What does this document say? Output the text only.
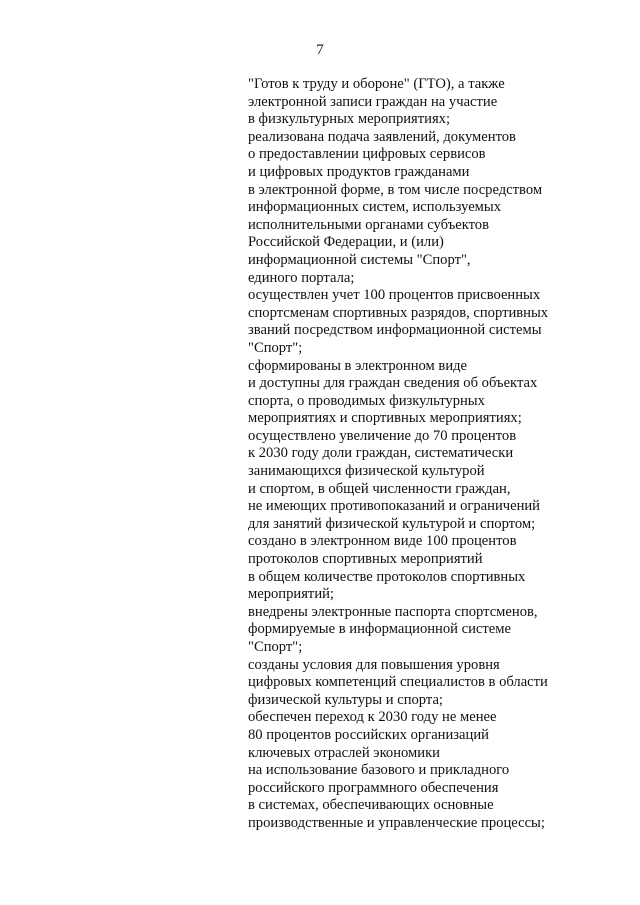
7
"Готов к труду и обороне" (ГТО), а также
электронной записи граждан на участие
в физкультурных мероприятиях;
реализована подача заявлений, документов
о предоставлении цифровых сервисов
и цифровых продуктов гражданами
в электронной форме, в том числе посредством
информационных систем, используемых
исполнительными органами субъектов
Российской Федерации, и (или)
информационной системы "Спорт",
единого портала;
осуществлен учет 100 процентов присвоенных
спортсменам спортивных разрядов, спортивных
званий посредством информационной системы
"Спорт";
сформированы в электронном виде
и доступны для граждан сведения об объектах
спорта, о проводимых физкультурных
мероприятиях и спортивных мероприятиях;
осуществлено увеличение до 70 процентов
к 2030 году доли граждан, систематически
занимающихся физической культурой
и спортом, в общей численности граждан,
не имеющих противопоказаний и ограничений
для занятий физической культурой и спортом;
создано в электронном виде 100 процентов
протоколов спортивных мероприятий
в общем количестве протоколов спортивных
мероприятий;
внедрены электронные паспорта спортсменов,
формируемые в информационной системе
"Спорт";
созданы условия для повышения уровня
цифровых компетенций специалистов в области
физической культуры и спорта;
обеспечен переход к 2030 году не менее
80 процентов российских организаций
ключевых отраслей экономики
на использование базового и прикладного
российского программного обеспечения
в системах, обеспечивающих основные
производственные и управленческие процессы;
